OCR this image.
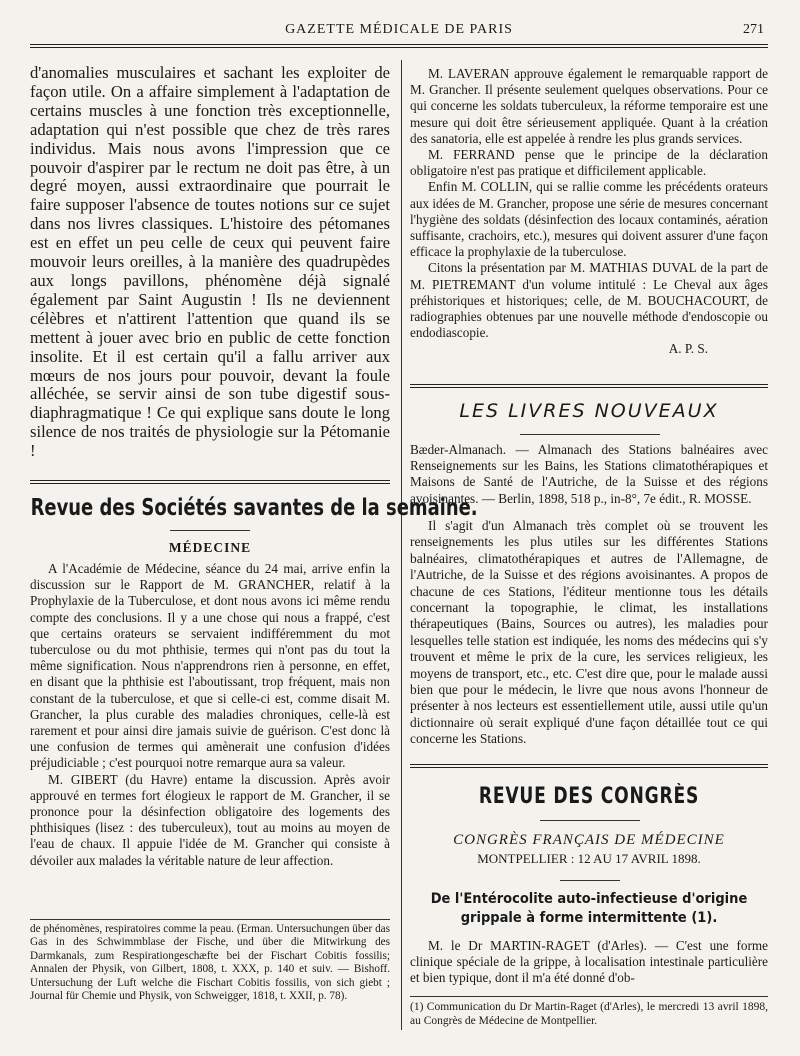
GAZETTE MÉDICALE DE PARIS	271

d'anomalies musculaires et sachant les exploiter de façon utile. On a affaire simplement à l'adaptation de certains muscles à une fonction très exceptionnelle, adaptation qui n'est possible que chez de très rares individus. Mais nous avons l'impression que ce pouvoir d'aspirer par le rectum ne doit pas être, à un degré moyen, aussi extraordinaire que pourrait le faire supposer l'absence de toutes notions sur ce sujet dans nos livres classiques. L'histoire des pétomanes est en effet un peu celle de ceux qui peuvent faire mouvoir leurs oreilles, à la manière des quadrupèdes aux longs pavillons, phénomène déjà signalé également par Saint Augustin ! Ils ne deviennent célèbres et n'attirent l'attention que quand ils se mettent à jouer avec brio en public de cette fonction insolite. Et il est certain qu'il a fallu arriver aux mœurs de nos jours pour pouvoir, devant la foule alléchée, se servir ainsi de son tube digestif sous-diaphragmatique ! Ce qui explique sans doute le long silence de nos traités de physiologie sur la Pétomanie !

Revue des Sociétés savantes de la semaine.
MÉDECINE

A l'Académie de Médecine, séance du 24 mai, arrive enfin la discussion sur le Rapport de M. GRANCHER, relatif à la Prophylaxie de la Tuberculose, et dont nous avons ici même rendu compte des conclusions. Il y a une chose qui nous a frappé, c'est que certains orateurs se servaient indifféremment du mot tuberculose ou du mot phthisie, termes qui n'ont pas du tout la même signification. Nous n'apprendrons rien à personne, en effet, en disant que la phthisie est l'aboutissant, trop fréquent, mais non constant de la tuberculose, et que si celle-ci est, comme disait M. Grancher, la plus curable des maladies chroniques, celle-là est rarement et pour ainsi dire jamais suivie de guérison. C'est donc là une confusion de termes qui amènerait une confusion d'idées préjudiciable ; c'est pourquoi notre remarque aura sa valeur.

M. GIBERT (du Havre) entame la discussion. Après avoir approuvé en termes fort élogieux le rapport de M. Grancher, il se prononce pour la désinfection obligatoire des logements des phthisiques (lisez : des tuberculeux), tout au moins au moyen de l'eau de chaux. Il appuie l'idée de M. Grancher qui consiste à dévoiler aux malades la véritable nature de leur affection.

de phénomènes, respiratoires comme la peau. (Erman. Untersuchungen über das Gas in des Schwimmblase der Fische, und über die Mitwirkung des Darmkanals, zum Respirationgeschæfte bei der Fischart Cobitis fossilis; Annalen der Physik, von Gilbert, 1808, t. XXX, p. 140 et suiv. — Bishoff. Untersuchung der Luft welche die Fischart Cobitis fossilis, von sich giebt ; Journal für Chemie und Physik, von Schweigger, 1818, t. XXII, p. 78).

M. LAVERAN approuve également le remarquable rapport de M. Grancher. Il présente seulement quelques observations. Pour ce qui concerne les soldats tuberculeux, la réforme temporaire est une mesure qui doit être sérieusement appliquée. Quant à la création des sanatoria, elle est appelée à rendre les plus grands services.

M. FERRAND pense que le principe de la déclaration obligatoire n'est pas pratique et difficilement applicable.

Enfin M. COLLIN, qui se rallie comme les précédents orateurs aux idées de M. Grancher, propose une série de mesures concernant l'hygiène des soldats (désinfection des locaux contaminés, aération suffisante, crachoirs, etc.), mesures qui doivent assurer d'une façon efficace la prophylaxie de la tuberculose.

Citons la présentation par M. MATHIAS DUVAL de la part de M. PIETREMANT d'un volume intitulé : Le Cheval aux âges préhistoriques et historiques; celle, de M. BOUCHACOURT, de radiographies obtenues par une nouvelle méthode d'endoscopie ou endodiascopie.

A. P. S.

LES LIVRES NOUVEAUX

Bæder-Almanach. — Almanach des Stations balnéaires avec Renseignements sur les Bains, les Stations climatothérapiques et Maisons de Santé de l'Autriche, de la Suisse et des régions avoisinantes. — Berlin, 1898, 518 p., in-8°, 7e édit., R. MOSSE.

Il s'agit d'un Almanach très complet où se trouvent les renseignements les plus utiles sur les différentes Stations balnéaires, climatothérapiques et autres de l'Allemagne, de l'Autriche, de la Suisse et des régions avoisinantes. A propos de chacune de ces Stations, l'éditeur mentionne tous les détails concernant la topographie, le climat, les installations thérapeutiques (Bains, Sources ou autres), les maladies pour lesquelles telle station est indiquée, les noms des médecins qui s'y trouvent et même le prix de la cure, les services religieux, les moyens de transport, etc., etc. C'est dire que, pour le malade aussi bien que pour le médecin, le livre que nous avons l'honneur de présenter à nos lecteurs est essentiellement utile, aussi utile qu'un dictionnaire où serait expliqué d'une façon détaillée tout ce qui concerne les Stations.

REVUE DES CONGRÈS
CONGRÈS FRANÇAIS DE MÉDECINE
MONTPELLIER : 12 AU 17 AVRIL 1898.
De l'Entérocolite auto-infectieuse d'origine grippale à forme intermittente (1).

M. le Dr MARTIN-RAGET (d'Arles). — C'est une forme clinique spéciale de la grippe, à localisation intestinale particulière et bien typique, dont il m'a été donné d'ob-

(1) Communication du Dr Martin-Raget (d'Arles), le mercredi 13 avril 1898, au Congrès de Médecine de Montpellier.
